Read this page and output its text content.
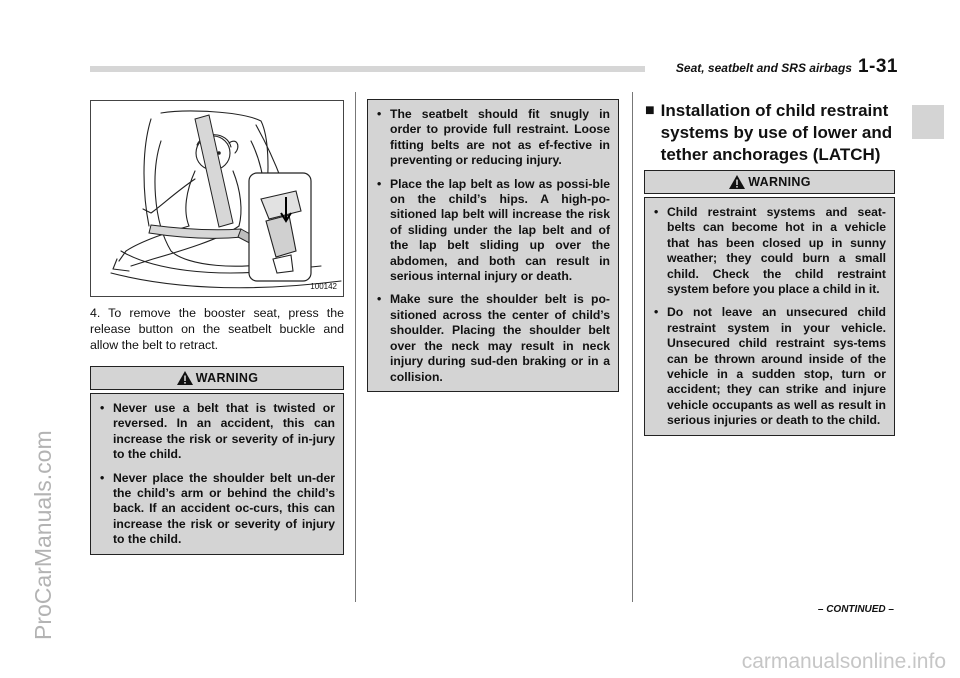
Seat, seatbelt and SRS airbags 1-31
ProCarManuals.com
carmanualsonline.info
100142

4. To remove the booster seat, press the release button on the seatbelt buckle and allow the belt to retract.

WARNING
• Never use a belt that is twisted or reversed. In an accident, this can increase the risk or severity of in-jury to the child.
• Never place the shoulder belt un-der the child’s arm or behind the child’s back. If an accident oc-curs, this can increase the risk or severity of injury to the child.
• The seatbelt should fit snugly in order to provide full restraint. Loose fitting belts are not as ef-fective in preventing or reducing injury.
• Place the lap belt as low as possi-ble on the child’s hips. A high-po-sitioned lap belt will increase the risk of sliding under the lap belt and of the lap belt sliding up over the abdomen, and both can result in serious internal injury or death.
• Make sure the shoulder belt is po-sitioned across the center of child’s shoulder. Placing the shoulder belt over the neck may result in neck injury during sud-den braking or in a collision.
■ Installation of child restraint systems by use of lower and tether anchorages (LATCH)
WARNING
• Child restraint systems and seat-belts can become hot in a vehicle that has been closed up in sunny weather; they could burn a small child. Check the child restraint system before you place a child in it.
• Do not leave an unsecured child restraint system in your vehicle. Unsecured child restraint sys-tems can be thrown around inside of the vehicle in a sudden stop, turn or accident; they can strike and injure vehicle occupants as well as result in serious injuries or death to the child.
– CONTINUED –
